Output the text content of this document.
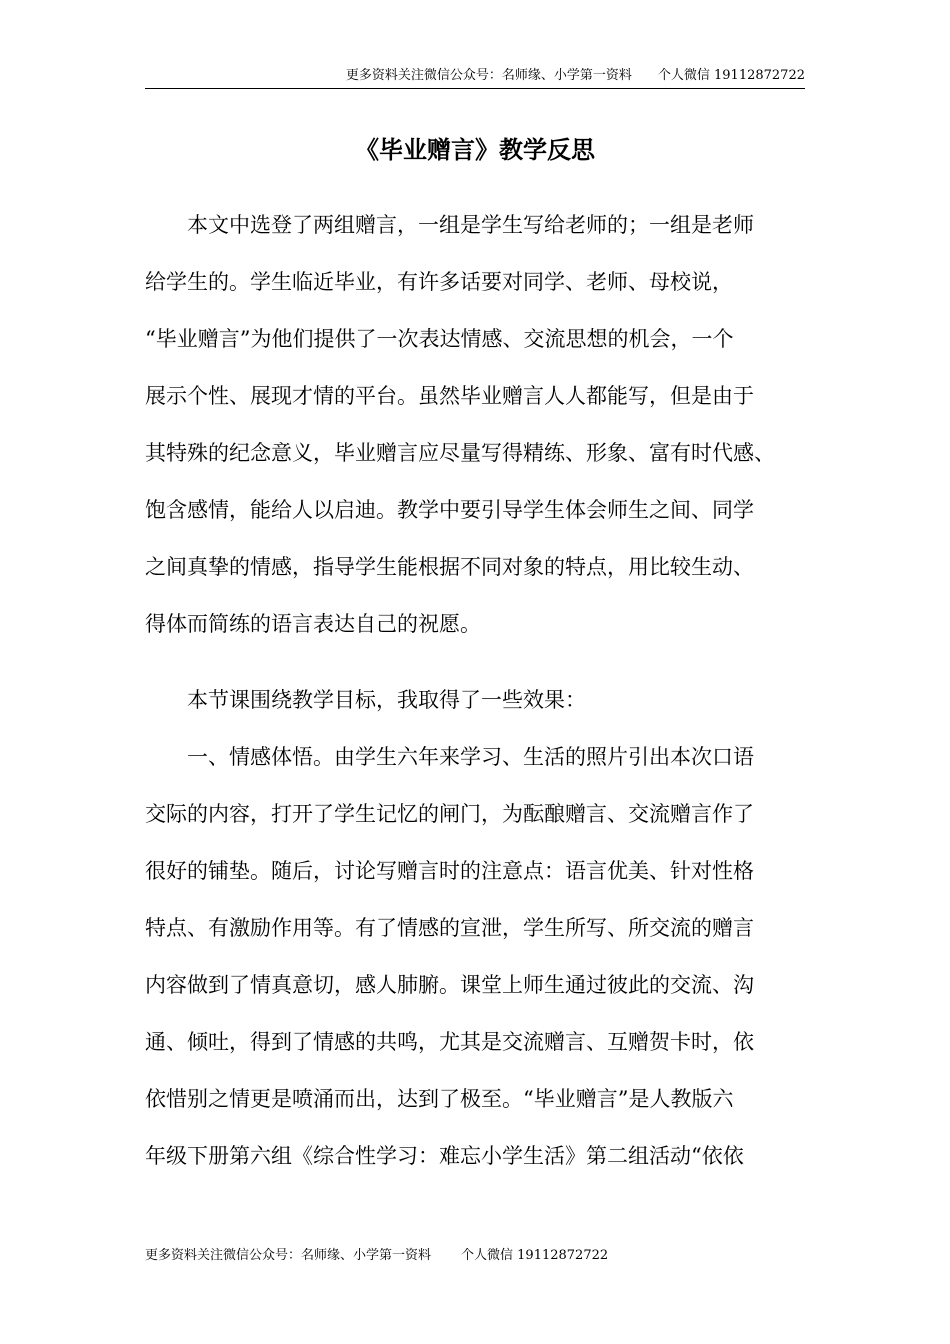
更多资料关注微信公众号：名师缘、小学第一资料 个人微信 19112872722
《毕业赠言》教学反思
本文中选登了两组赠言，一组是学生写给老师的；一组是老师
给学生的。学生临近毕业，有许多话要对同学、老师、母校说，
“毕业赠言”为他们提供了一次表达情感、交流思想的机会，一个
展示个性、展现才情的平台。虽然毕业赠言人人都能写，但是由于
其特殊的纪念意义，毕业赠言应尽量写得精练、形象、富有时代感、
饱含感情，能给人以启迪。教学中要引导学生体会师生之间、同学
之间真挚的情感，指导学生能根据不同对象的特点，用比较生动、
得体而简练的语言表达自己的祝愿。
本节课围绕教学目标，我取得了一些效果：
一、情感体悟。由学生六年来学习、生活的照片引出本次口语
交际的内容，打开了学生记忆的闸门，为酝酿赠言、交流赠言作了
很好的铺垫。随后，讨论写赠言时的注意点：语言优美、针对性格
特点、有激励作用等。有了情感的宣泄，学生所写、所交流的赠言
内容做到了情真意切，感人肺腑。课堂上师生通过彼此的交流、沟
通、倾吐，得到了情感的共鸣，尤其是交流赠言、互赠贺卡时，依
依惜别之情更是喷涌而出，达到了极至。“毕业赠言”是人教版六
年级下册第六组《综合性学习：难忘小学生活》第二组活动“依依
更多资料关注微信公众号：名师缘、小学第一资料 个人微信 19112872722
